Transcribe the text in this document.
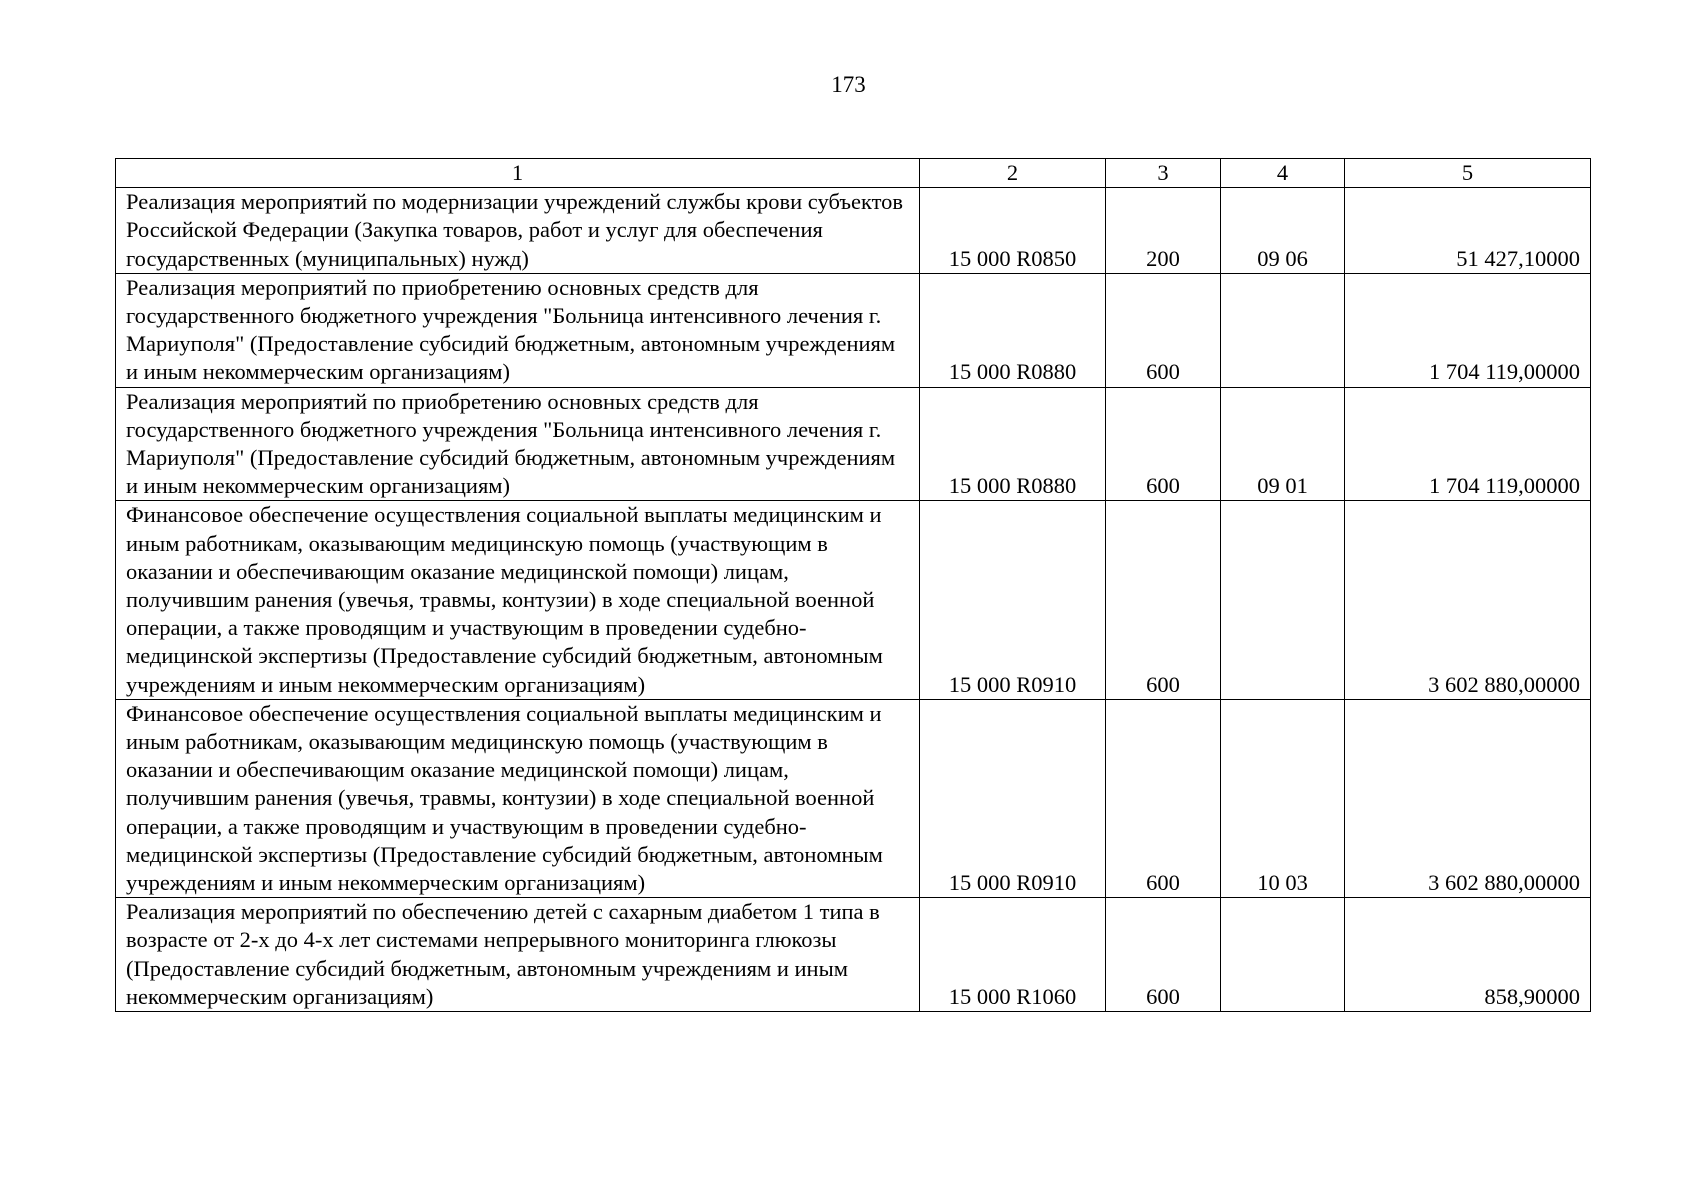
173
1	2	3	4	5
Реализация мероприятий по модернизации учреждений службы крови субъектов Российской Федерации (Закупка товаров, работ и услуг для обеспечения государственных (муниципальных) нужд)	15 000 R0850	200	09 06	51 427,10000
Реализация мероприятий по приобретению основных средств для государственного бюджетного учреждения "Больница интенсивного лечения г. Мариуполя" (Предоставление субсидий бюджетным, автономным учреждениям и иным некоммерческим организациям)	15 000 R0880	600		1 704 119,00000
Реализация мероприятий по приобретению основных средств для государственного бюджетного учреждения "Больница интенсивного лечения г. Мариуполя" (Предоставление субсидий бюджетным, автономным учреждениям и иным некоммерческим организациям)	15 000 R0880	600	09 01	1 704 119,00000
Финансовое обеспечение осуществления социальной выплаты медицинским и иным работникам, оказывающим медицинскую помощь (участвующим в оказании и обеспечивающим оказание медицинской помощи) лицам, получившим ранения (увечья, травмы, контузии) в ходе специальной военной операции, а также проводящим и участвующим в проведении судебно-медицинской экспертизы (Предоставление субсидий бюджетным, автономным учреждениям и иным некоммерческим организациям)	15 000 R0910	600		3 602 880,00000
Финансовое обеспечение осуществления социальной выплаты медицинским и иным работникам, оказывающим медицинскую помощь (участвующим в оказании и обеспечивающим оказание медицинской помощи) лицам, получившим ранения (увечья, травмы, контузии) в ходе специальной военной операции, а также проводящим и участвующим в проведении судебно-медицинской экспертизы (Предоставление субсидий бюджетным, автономным учреждениям и иным некоммерческим организациям)	15 000 R0910	600	10 03	3 602 880,00000
Реализация мероприятий по обеспечению детей с сахарным диабетом 1 типа в возрасте от 2-х до 4-х лет системами непрерывного мониторинга глюкозы (Предоставление субсидий бюджетным, автономным учреждениям и иным некоммерческим организациям)	15 000 R1060	600		858,90000
